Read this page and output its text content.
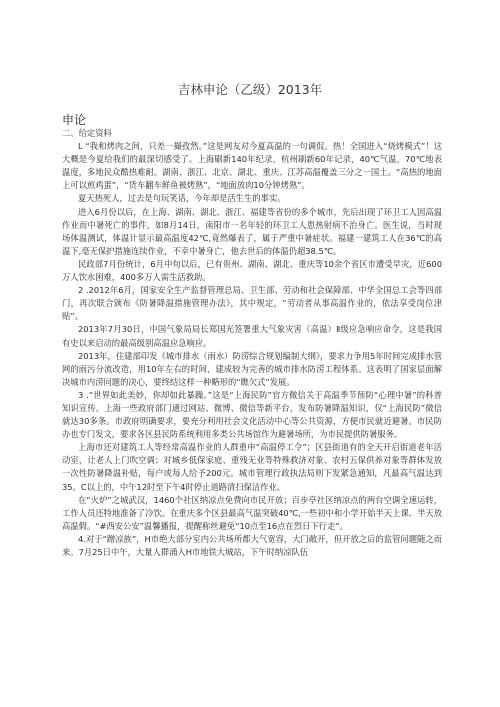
吉林申论（乙级）2013年
申论

二、给定资料

L “我和烤肉之间，只差一撮孜然。”这是网友对今夏高温的一句调侃。热！全国进入“烧烤模式”！这大概是今夏给我们的最深切感受了。上海刷新140年纪录，杭州刷新60年记录，40℃气温，70℃地表温度，多地民众酷热难耐。湖南、浙江、北京、湖北、重庆、江苏高温覆盖三分之一国土。“高热的地面上可以煎鸡蛋”，“货车翻车鲜鱼被烤熟”，“地面放肉10分钟烤熟”。

夏天热死人，过去是句玩笑话，今年却是活生生的事实。

进入6月份以后，在上海、湖南、湖北、浙江、福建等省份的多个城市，先后出现了环卫工人因高温作业而中暑死亡的事件。如8月14日，南阳市一名年轻的环卫工人患热射病不治身亡。医生说，当时现场体温测试，体温计显示最高温度42℃,竟然爆表了，属于严重中暑症状。福建一建筑工人在36℃的高温下,毫无保护措施连续作业，不幸中暑身亡，他去世后的体温仍超38.5℃。

民政部7月份统计，6月中旬以后，已有贵州、湖南、湖北、重庆等10余个省区市遭受旱灾，近600万人饮水困难，400多万人需生活救助。

2 .2012年6月，国家安全生产监督管理总局、卫生部、劳动和社会保障部、中华全国总工会等四部门，再次联合颁布《防暑降温措施管理办法》，其中规定，“劳动者从事高温作业的，依法享受岗位津贴”。

2013年7月30日，中国气象局局长郑国光签署重大气象灾害（高温）Ⅱ级应急响应命令，这是我国有史以来启动的最高级别高温应急响应。

2013年，住建部印发《城市排水（雨水）防涝综合规划编制大纲》，要求力争用5年时间完成排水管网的雨污分流改造，用10年左右的时间，建成较为完善的城市排水防涝工程体系。这表明了国家层面解决城市内涝问题的决心，要终结这样一种略形的“瞧欠式”发展。

3 .“世界如此美妙，你却如此暴躁。”这是“上海民防”官方微信关于高温季节预防“心理中暑”的科普知识宣传。上海一些政府部门通过网站、微博、微信等新平台，发布防暑降温知识，仅“上海民防”微信就达30多条。市政府明确要求，要充分利用社会文化活动中心等公共资源，方便市民就近避暑。市民防办也专门发文，要求各区县民防系统利用多类公共场馆作为避暑场所，为市民提供防暑服务。

上海市还对建筑工人等经常高温作业的人群重申“高温停工令”；区县街道有的全天开启街道老年活动室，让老人上门吹空调；对城乡低保家庭、重残无业等特殊救济对象、农村五保供养对象等群体发放一次性防暑降温补贴，每户或每人给予200元。城市管理行政执法局则下发紧急通知，凡最高气温达到35。C以上的，中午12时至下午4时停止道路清扫保洁作业。

在“火炉”之城武汉，1460个社区纳凉点免费向市民开放；百步亭社区纳凉点的两台空调全速运转，工作人员还特地准备了冷饮。在重庆多个区县最高气温突破40℃,一些初中和小学开始半天上课、半天放高温假。“#西安公安”温馨播报，提醒称丝避免“10点至16点在烈日下行走”。

4.对于“蹭凉族”，H市绝大部分室内公共场所都大气宽容，大门敞开，但开放之后的监管问题随之而来。7月25日中午，大量人群涌入H市地铁大城站，下午时纳凉队伍
